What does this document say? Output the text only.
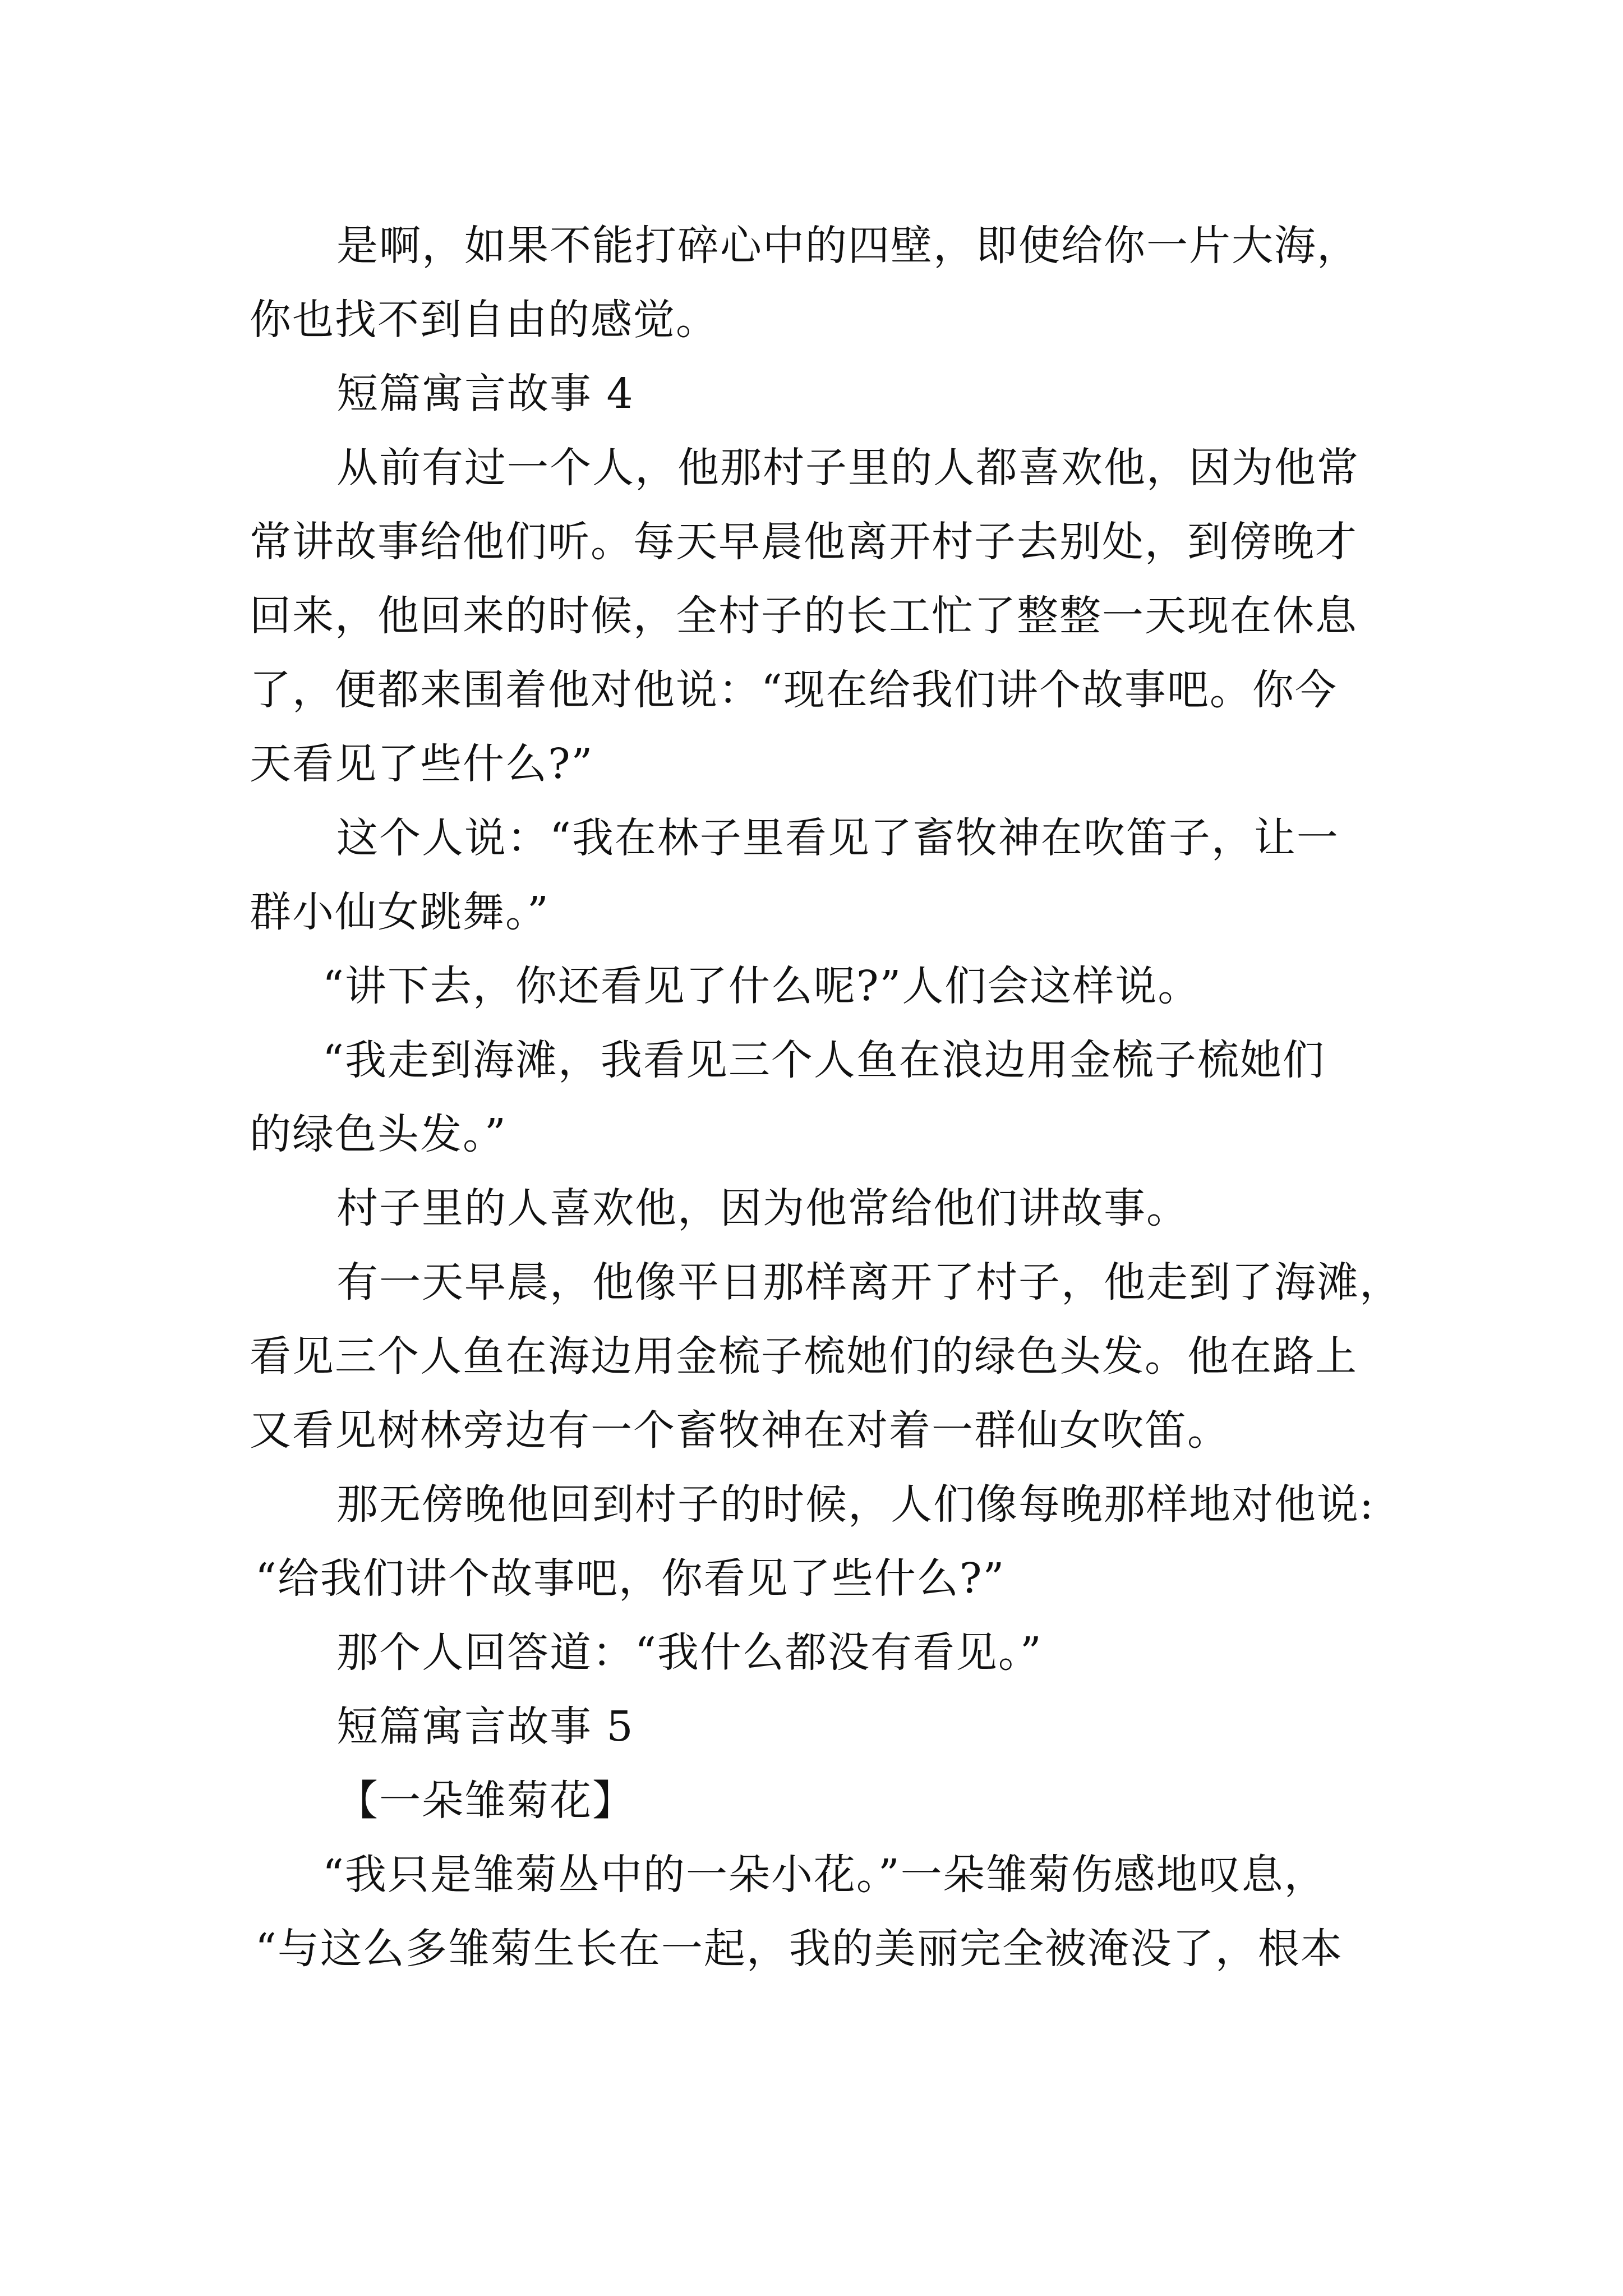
是啊，如果不能打碎心中的四壁，即使给你一片大海，
你也找不到自由的感觉。
短篇寓言故事 4
从前有过一个人，他那村子里的人都喜欢他，因为他常
常讲故事给他们听。每天早晨他离开村子去别处，到傍晚才
回来，他回来的时候，全村子的长工忙了整整一天现在休息
了，便都来围着他对他说：“现在给我们讲个故事吧。你今
天看见了些什么?”
这个人说：“我在林子里看见了畜牧神在吹笛子，让一
群小仙女跳舞。”
“讲下去，你还看见了什么呢?”人们会这样说。
“我走到海滩，我看见三个人鱼在浪边用金梳子梳她们
的绿色头发。”
村子里的人喜欢他，因为他常给他们讲故事。
有一天早晨，他像平日那样离开了村子，他走到了海滩，
看见三个人鱼在海边用金梳子梳她们的绿色头发。他在路上
又看见树林旁边有一个畜牧神在对着一群仙女吹笛。
那无傍晚他回到村子的时候，人们像每晚那样地对他说:
“给我们讲个故事吧，你看见了些什么?”
那个人回答道：“我什么都没有看见。”
短篇寓言故事 5
【一朵雏菊花】
“我只是雏菊丛中的一朵小花。”一朵雏菊伤感地叹息，
“与这么多雏菊生长在一起，我的美丽完全被淹没了，根本
